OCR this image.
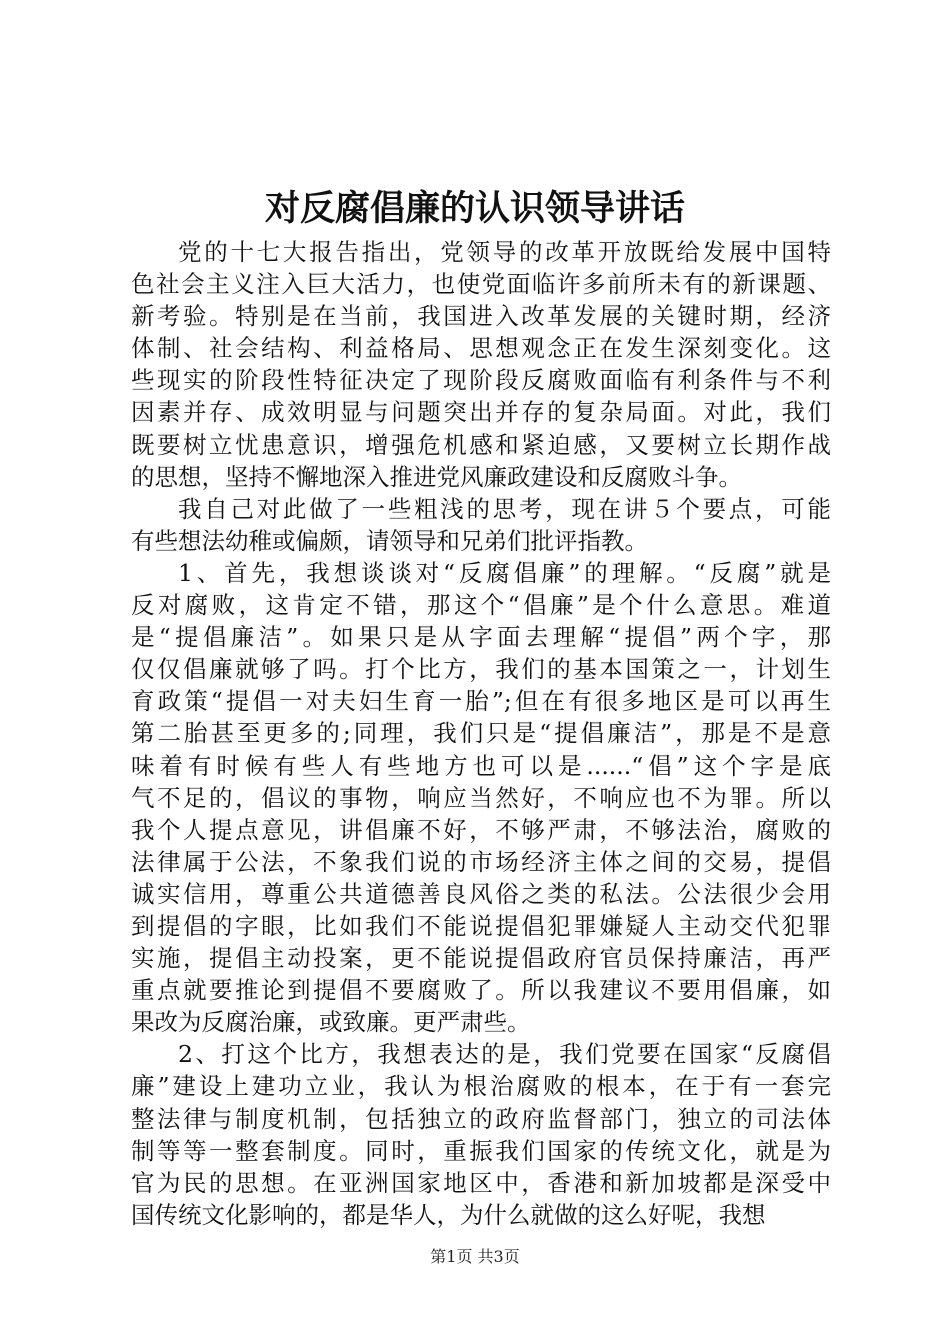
对反腐倡廉的认识领导讲话
党的十七大报告指出，党领导的改革开放既给发展中国特
色社会主义注入巨大活力，也使党面临许多前所未有的新课题、
新考验。特别是在当前，我国进入改革发展的关键时期，经济
体制、社会结构、利益格局、思想观念正在发生深刻变化。这
些现实的阶段性特征决定了现阶段反腐败面临有利条件与不利
因素并存、成效明显与问题突出并存的复杂局面。对此，我们
既要树立忧患意识，增强危机感和紧迫感，又要树立长期作战
的思想，坚持不懈地深入推进党风廉政建设和反腐败斗争。
我自己对此做了一些粗浅的思考，现在讲５个要点，可能
有些想法幼稚或偏颇，请领导和兄弟们批评指教。
1、首先，我想谈谈对“反腐倡廉”的理解。“反腐”就是
反对腐败，这肯定不错，那这个“倡廉”是个什么意思。难道
是“提倡廉洁”。如果只是从字面去理解“提倡”两个字，那
仅仅倡廉就够了吗。打个比方，我们的基本国策之一，计划生
育政策“提倡一对夫妇生育一胎”;但在有很多地区是可以再生
第二胎甚至更多的;同理，我们只是“提倡廉洁”，那是不是意
味着有时候有些人有些地方也可以是......“倡”这个字是底
气不足的，倡议的事物，响应当然好，不响应也不为罪。所以
我个人提点意见，讲倡廉不好，不够严肃，不够法治，腐败的
法律属于公法，不象我们说的市场经济主体之间的交易，提倡
诚实信用，尊重公共道德善良风俗之类的私法。公法很少会用
到提倡的字眼，比如我们不能说提倡犯罪嫌疑人主动交代犯罪
实施，提倡主动投案，更不能说提倡政府官员保持廉洁，再严
重点就要推论到提倡不要腐败了。所以我建议不要用倡廉，如
果改为反腐治廉，或致廉。更严肃些。
2、打这个比方，我想表达的是，我们党要在国家“反腐倡
廉”建设上建功立业，我认为根治腐败的根本，在于有一套完
整法律与制度机制，包括独立的政府监督部门，独立的司法体
制等等一整套制度。同时，重振我们国家的传统文化，就是为
官为民的思想。在亚洲国家地区中，香港和新加坡都是深受中
国传统文化影响的，都是华人，为什么就做的这么好呢，我想
第1页 共3页
